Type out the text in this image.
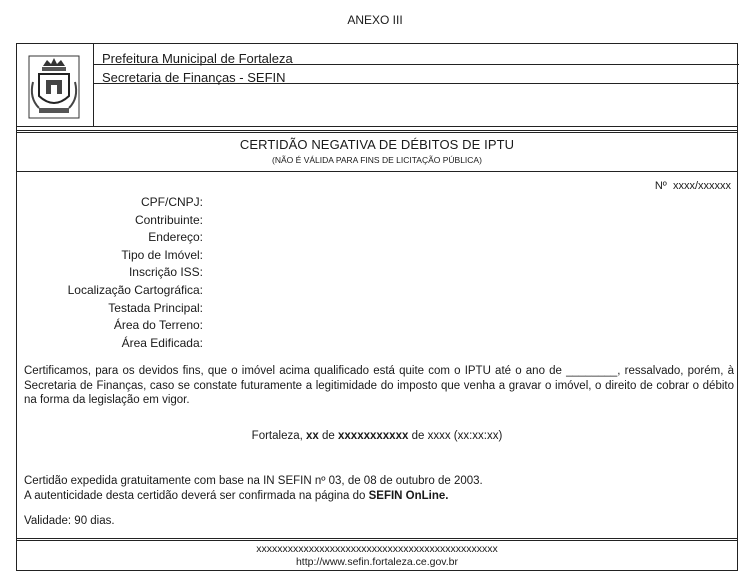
ANEXO III
Prefeitura Municipal de Fortaleza
Secretaria de Finanças - SEFIN
CERTIDÃO NEGATIVA DE DÉBITOS DE IPTU
(NÃO É VÁLIDA PARA FINS DE LICITAÇÃO PÚBLICA)
Nº xxxx/xxxxxx
CPF/CNPJ:
Contribuinte:
Endereço:
Tipo de Imóvel:
Inscrição ISS:
Localização Cartográfica:
Testada Principal:
Área do Terreno:
Área Edificada:
Certificamos, para os devidos fins, que o imóvel acima qualificado está quite com o IPTU até o ano de ________, ressalvado, porém, à Secretaria de Finanças, caso se constate futuramente a legitimidade do imposto que venha a gravar o imóvel, o direito de cobrar o débito na forma da legislação em vigor.
Fortaleza, xx de xxxxxxxxxxx de xxxx (xx:xx:xx)
Certidão expedida gratuitamente com base na IN SEFIN nº 03, de 08 de outubro de 2003.
A autenticidade desta certidão deverá ser confirmada na página do SEFIN OnLine.
Validade: 90 dias.
xxxxxxxxxxxxxxxxxxxxxxxxxxxxxxxxxxxxxxxxxxxxxx
http://www.sefin.fortaleza.ce.gov.br
